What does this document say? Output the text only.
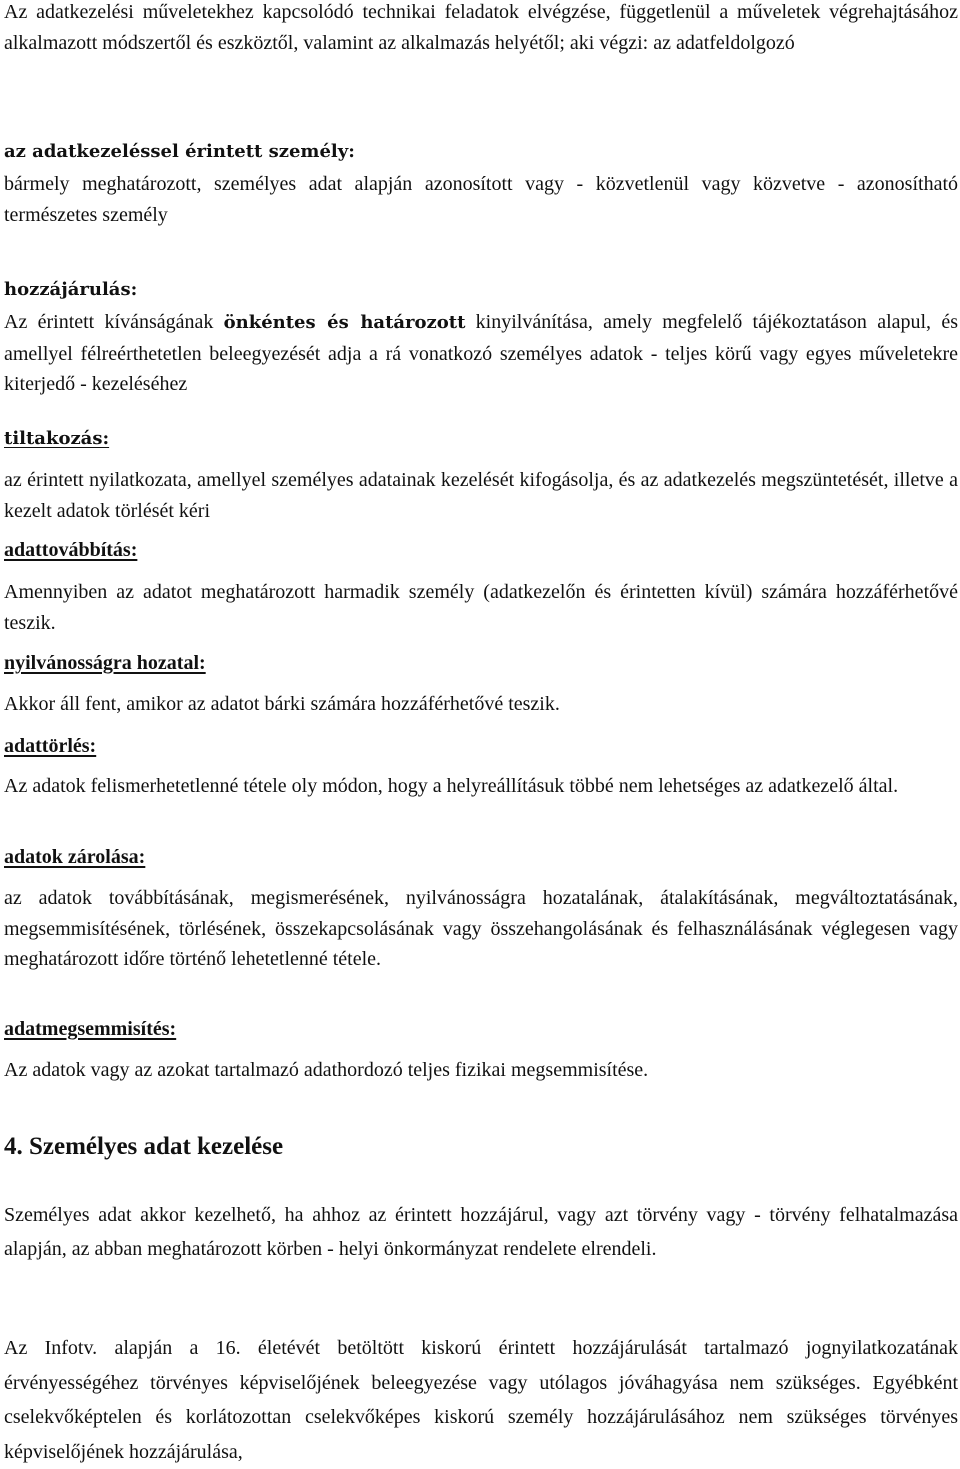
Az adatkezelési műveletekhez kapcsolódó technikai feladatok elvégzése, függetlenül a műveletek végrehajtásához alkalmazott módszertől és eszköztől, valamint az alkalmazás helyétől; aki végzi: az adatfeldolgozó

az adatkezeléssel érintett személy:

bármely meghatározott, személyes adat alapján azonosított vagy - közvetlenül vagy közvetve - azonosítható természetes személy

hozzájárulás:

Az érintett kívánságának önkéntes és határozott kinyilvánítása, amely megfelelő tájékoztatáson alapul, és amellyel félreérthetetlen beleegyezését adja a rá vonatkozó személyes adatok - teljes körű vagy egyes műveletekre kiterjedő - kezeléséhez

tiltakozás:

az érintett nyilatkozata, amellyel személyes adatainak kezelését kifogásolja, és az adatkezelés megszüntetését, illetve a kezelt adatok törlését kéri

adattovábbítás:

Amennyiben az adatot meghatározott harmadik személy (adatkezelőn és érintetten kívül) számára hozzáférhetővé teszik.

nyilvánosságra hozatal:

Akkor áll fent, amikor az adatot bárki számára hozzáférhetővé teszik.

adattörlés:

Az adatok felismerhetetlenné tétele oly módon, hogy a helyreállításuk többé nem lehetséges az adatkezelő által.

adatok zárolása:

az adatok továbbításának, megismerésének, nyilvánosságra hozatalának, átalakításának, megváltoztatásának, megsemmisítésének, törlésének, összekapcsolásának vagy összehangolásának és felhasználásának véglegesen vagy meghatározott időre történő lehetetlenné tétele.

adatmegsemmisítés:

Az adatok vagy az azokat tartalmazó adathordozó teljes fizikai megsemmisítése.

4. Személyes adat kezelése

Személyes adat akkor kezelhető, ha ahhoz az érintett hozzájárul, vagy azt törvény vagy - törvény felhatalmazása alapján, az abban meghatározott körben - helyi önkormányzat rendelete elrendeli.

Az Infotv. alapján a 16. életévét betöltött kiskorú érintett hozzájárulását tartalmazó jognyilatkozatának érvényességéhez törvényes képviselőjének beleegyezése vagy utólagos jóváhagyása nem szükséges. Egyébként cselekvőképtelen és korlátozottan cselekvőképes kiskorú személy hozzájárulásához nem szükséges törvényes képviselőjének hozzájárulása,
